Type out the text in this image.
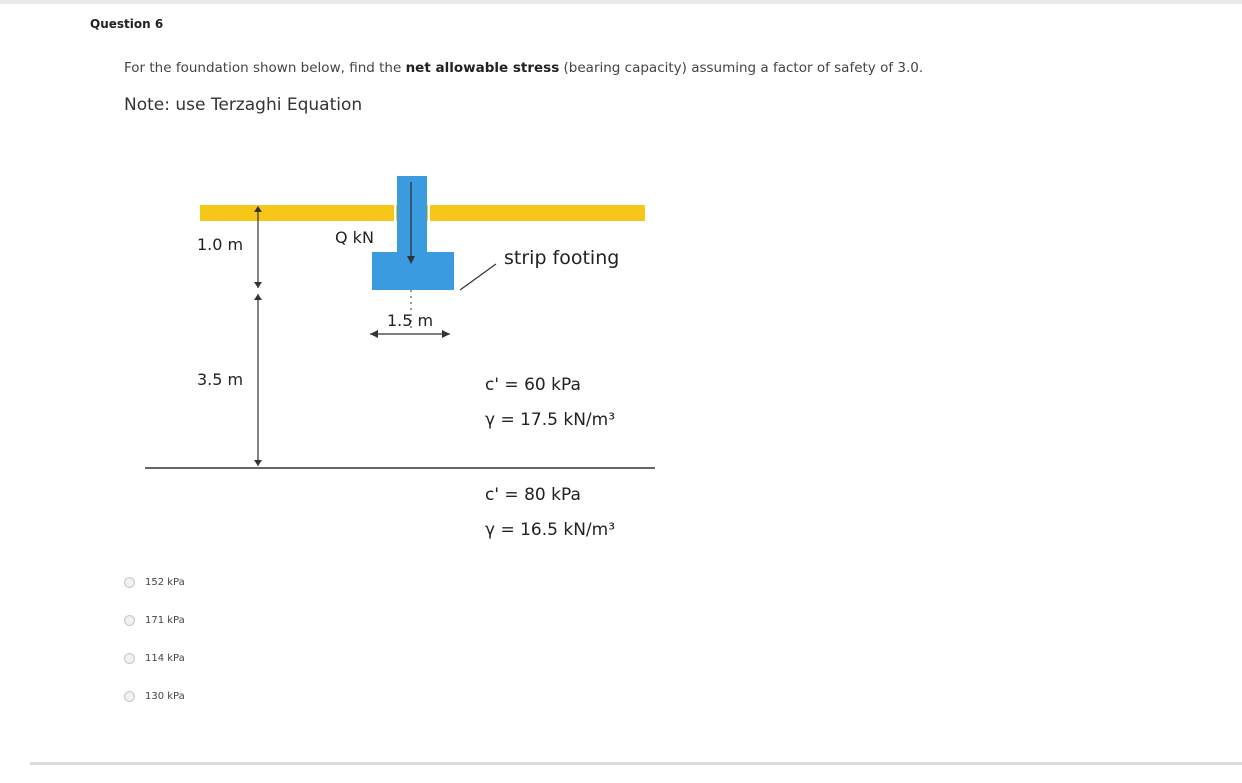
Question 6
For the foundation shown below, find the net allowable stress (bearing capacity) assuming a factor of safety of 3.0.
Note: use Terzaghi Equation
Q kN
strip footing
1.5 m
1.0 m
3.5 m	c' = 60 kPa
γ = 17.5 kN/m³
c' = 80 kPa
γ = 16.5 kN/m³
152 kPa
171 kPa
114 kPa
130 kPa
